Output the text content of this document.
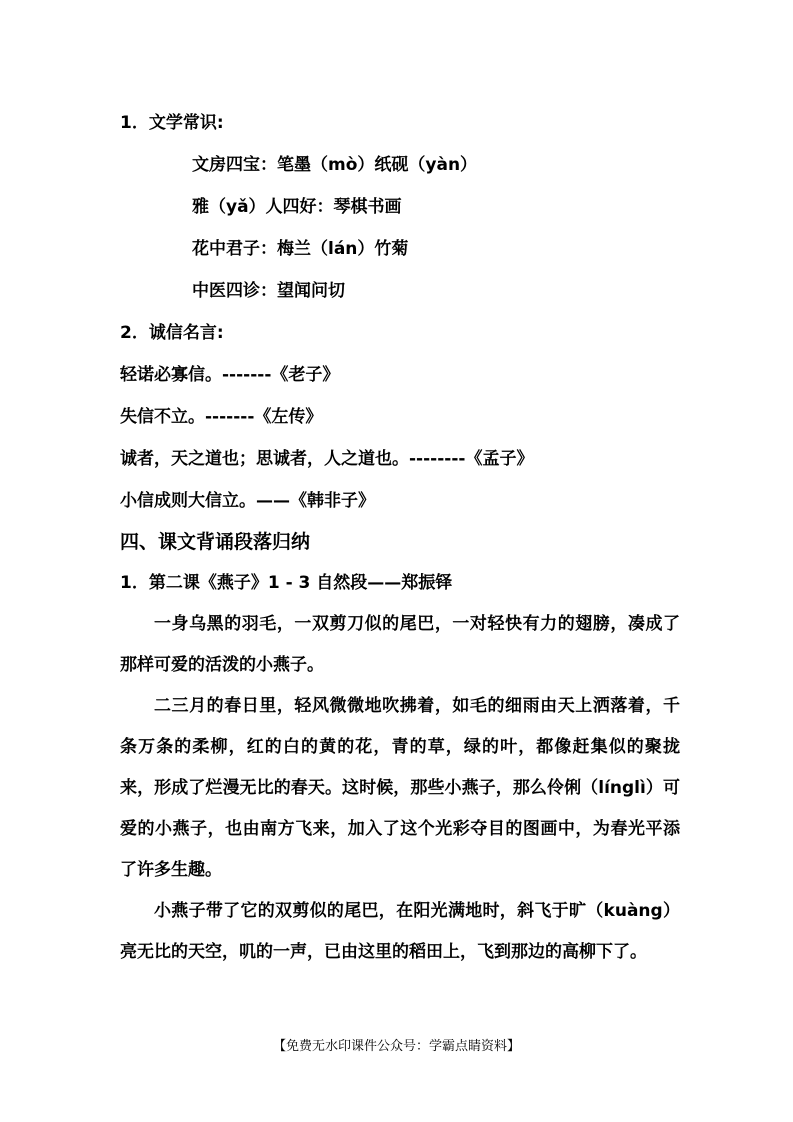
1．文学常识:

文房四宝：笔墨（mò）纸砚（yàn）

雅（yǎ）人四好：琴棋书画

花中君子：梅兰（lán）竹菊

中医四诊：望闻问切

2．诚信名言:

轻诺必寡信。-------《老子》

失信不立。-------《左传》

诚者，天之道也；思诚者，人之道也。--------《孟子》

小信成则大信立。——《韩非子》

四、课文背诵段落归纳

1．第二课《燕子》1 - 3 自然段——郑振铎

一身乌黑的羽毛，一双剪刀似的尾巴，一对轻快有力的翅膀，凑成了那样可爱的活泼的小燕子。

二三月的春日里，轻风微微地吹拂着，如毛的细雨由天上洒落着，千条万条的柔柳，红的白的黄的花，青的草，绿的叶，都像赶集似的聚拢来，形成了烂漫无比的春天。这时候，那些小燕子，那么伶俐（línglì）可爱的小燕子，也由南方飞来，加入了这个光彩夺目的图画中，为春光平添了许多生趣。

小燕子带了它的双剪似的尾巴，在阳光满地时，斜飞于旷（kuàng）亮无比的天空，叽的一声，已由这里的稻田上，飞到那边的高柳下了。

【免费无水印课件公众号：学霸点睛资料】
